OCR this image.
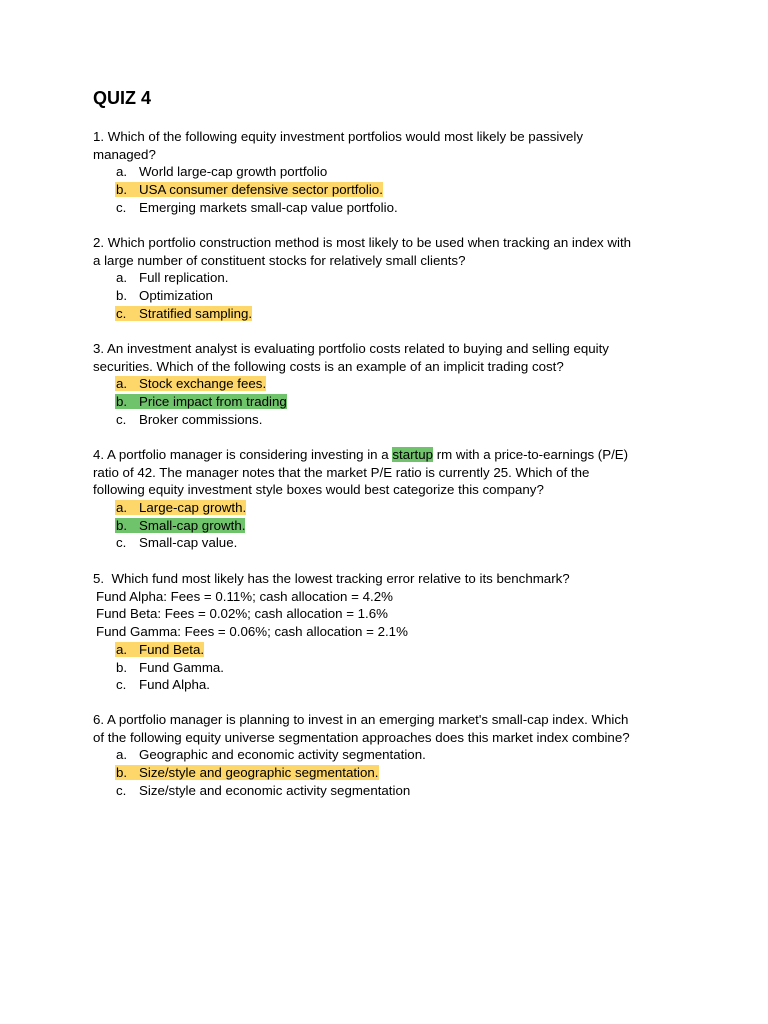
QUIZ 4

1. Which of the following equity investment portfolios would most likely be passively

managed?

a. World large-cap growth portfolio
b. USA consumer defensive sector portfolio.
c. Emerging markets small-cap value portfolio.

2. Which portfolio construction method is most likely to be used when tracking an index with

a large number of constituent stocks for relatively small clients?

a. Full replication.
b. Optimization
c. Stratified sampling.

3. An investment analyst is evaluating portfolio costs related to buying and selling equity

securities. Which of the following costs is an example of an implicit trading cost?

a. Stock exchange fees.
b. Price impact from trading
c. Broker commissions.

4. A portfolio manager is considering investing in a startup rm with a price-to-earnings (P/E)

ratio of 42. The manager notes that the market P/E ratio is currently 25. Which of the

following equity investment style boxes would best categorize this company?

a. Large-cap growth.
b. Small-cap growth.
c. Small-cap value.

5.  Which fund most likely has the lowest tracking error relative to its benchmark?

Fund Alpha: Fees = 0.11%; cash allocation = 4.2%

Fund Beta: Fees = 0.02%; cash allocation = 1.6%

Fund Gamma: Fees = 0.06%; cash allocation = 2.1%

a. Fund Beta.
b. Fund Gamma.
c. Fund Alpha.

6. A portfolio manager is planning to invest in an emerging market's small-cap index. Which

of the following equity universe segmentation approaches does this market index combine?

a. Geographic and economic activity segmentation.
b. Size/style and geographic segmentation.
c. Size/style and economic activity segmentation
